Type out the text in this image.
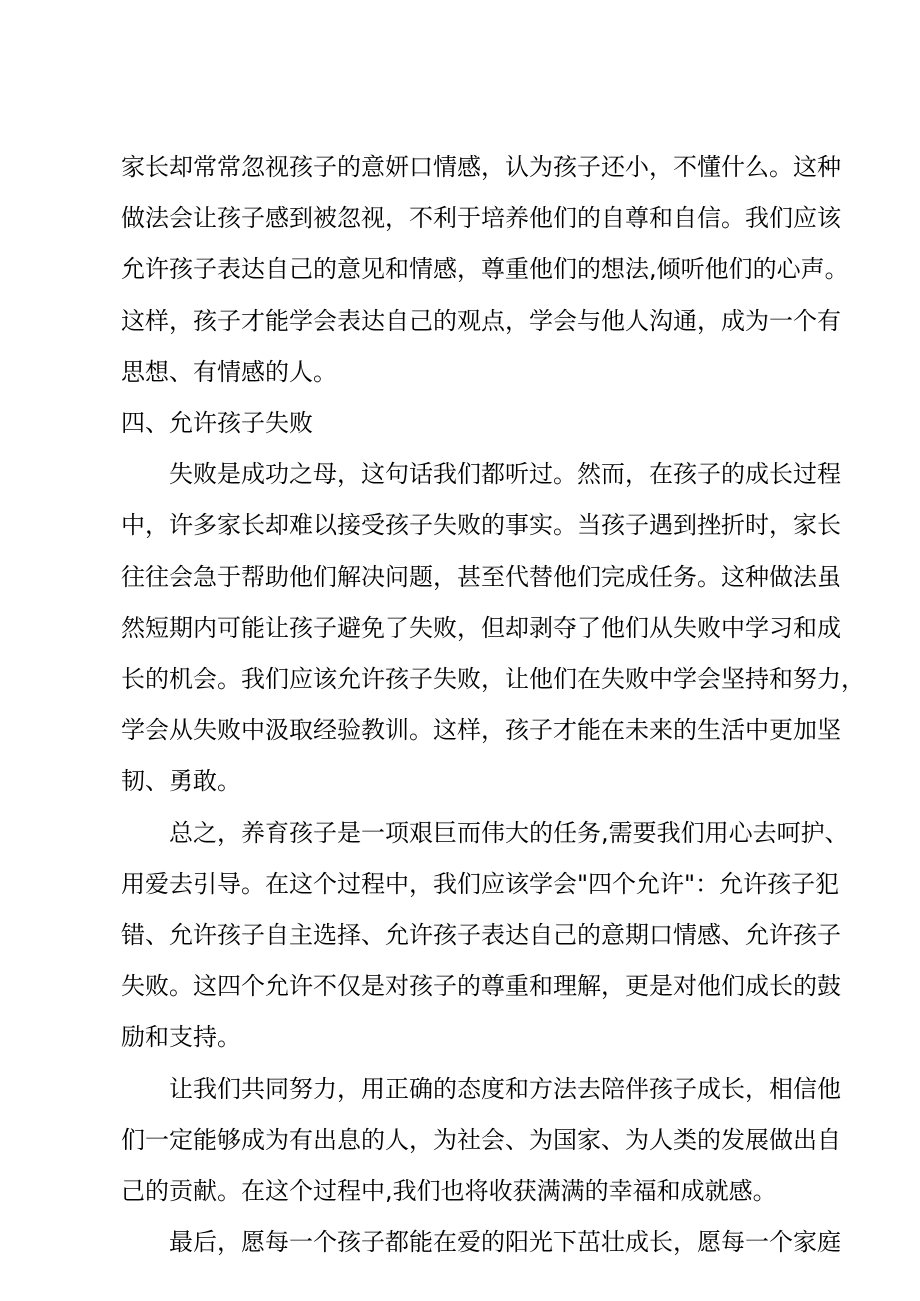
家长却常常忽视孩子的意妍口情感，认为孩子还小，不懂什么。这种
做法会让孩子感到被忽视，不利于培养他们的自尊和自信。我们应该
允许孩子表达自己的意见和情感，尊重他们的想法,倾听他们的心声。
这样，孩子才能学会表达自己的观点，学会与他人沟通，成为一个有
思想、有情感的人。

四、允许孩子失败

失败是成功之母，这句话我们都听过。然而，在孩子的成长过程
中，许多家长却难以接受孩子失败的事实。当孩子遇到挫折时，家长
往往会急于帮助他们解决问题，甚至代替他们完成任务。这种做法虽
然短期内可能让孩子避免了失败，但却剥夺了他们从失败中学习和成
长的机会。我们应该允许孩子失败，让他们在失败中学会坚持和努力，
学会从失败中汲取经验教训。这样，孩子才能在未来的生活中更加坚
韧、勇敢。

总之，养育孩子是一项艰巨而伟大的任务,需要我们用心去呵护、
用爱去引导。在这个过程中，我们应该学会"四个允许"：允许孩子犯
错、允许孩子自主选择、允许孩子表达自己的意期口情感、允许孩子
失败。这四个允许不仅是对孩子的尊重和理解，更是对他们成长的鼓
励和支持。

让我们共同努力，用正确的态度和方法去陪伴孩子成长，相信他
们一定能够成为有出息的人，为社会、为国家、为人类的发展做出自
己的贡献。在这个过程中,我们也将收获满满的幸福和成就感。

最后，愿每一个孩子都能在爱的阳光下茁壮成长，愿每一个家庭
